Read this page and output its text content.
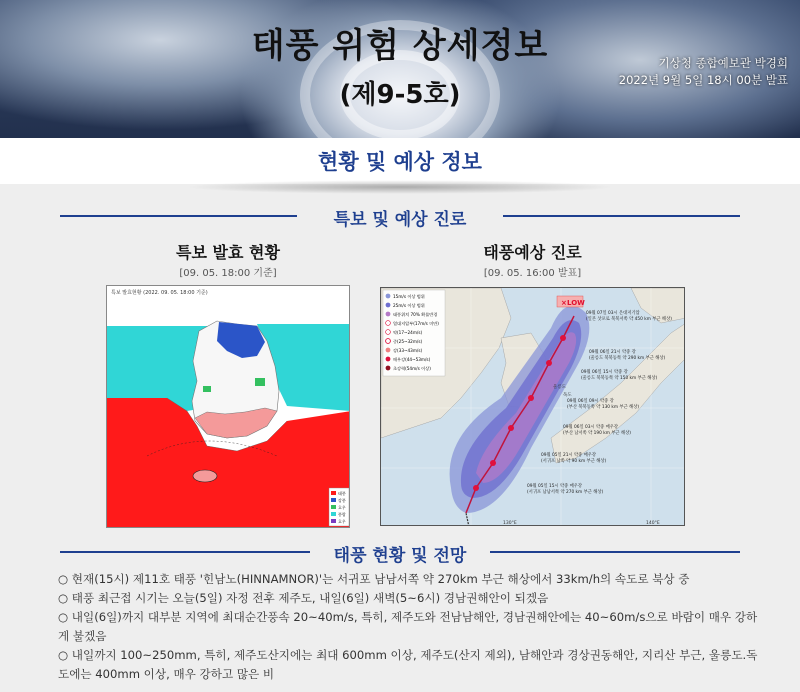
태풍 위험 상세정보
(제9-5호)
기상청 종합예보관 박경희
2022년 9월 5일 18시 00분 발표
현황 및 예상 정보
특보 및 예상 진로
특보 발효 현황
[09. 05. 18:00 기준]
태풍예상 진로
[09. 05. 16:00 발표]
특보 발효현황 (2022. 09. 05. 18:00 기준)
태풍
강풍
호우
풍랑
호우
× LOW
15m/s 이상 범위
25m/s 이상 범위
태풍위치 70% 확률반경
열대저압부(17m/s 미만)
약(17~24m/s)
중(25~32m/s)
강(33~43m/s)
매우강(44~53m/s)
초강력(54m/s 이상)
09월 07일 03시 온대저기압
(일본 삿포로 북북서쪽 약 450 km 부근 해상)
09월 06일 21시 약중 강
(울릉도 북북동쪽 약 290 km 부근 해상)
09월 06일 15시 약중 강
(울릉도 북북동쪽 약 150 km 부근 해상)
09월 06일 09시 약중 강
(부산 북북동쪽 약 130 km 부근 해상)
09월 06일 03시 약중 매우강
(부산 남서쪽 약 190 km 부근 해상)
09월 05일 21시 약중 매우강
(서귀포 남쪽 약 90 km 부근 해상)
09월 05일 15시 약중 매우강
(서귀포 남남서쪽 약 270 km 부근 해상)
울릉도
독도
130°E	140°E
태풍 현황 및 전망

○ 현재(15시) 제11호 태풍 '힌남노(HINNAMNOR)'는 서귀포 남남서쪽 약 270km 부근 해상에서 33km/h의 속도로 북상 중

○ 태풍 최근접 시기는 오늘(5일) 자정 전후 제주도, 내일(6일) 새벽(5~6시) 경남권해안이 되겠음

○ 내일(6일)까지 대부분 지역에 최대순간풍속 20~40m/s, 특히, 제주도와 전남남해안, 경남권해안에는 40~60m/s으로 바람이 매우 강하게 불겠음

○ 내일까지 100~250mm, 특히, 제주도산지에는 최대 600mm 이상, 제주도(산지 제외), 남해안과 경상권동해안, 지리산 부근, 울릉도.독도에는 400mm 이상, 매우 강하고 많은 비
